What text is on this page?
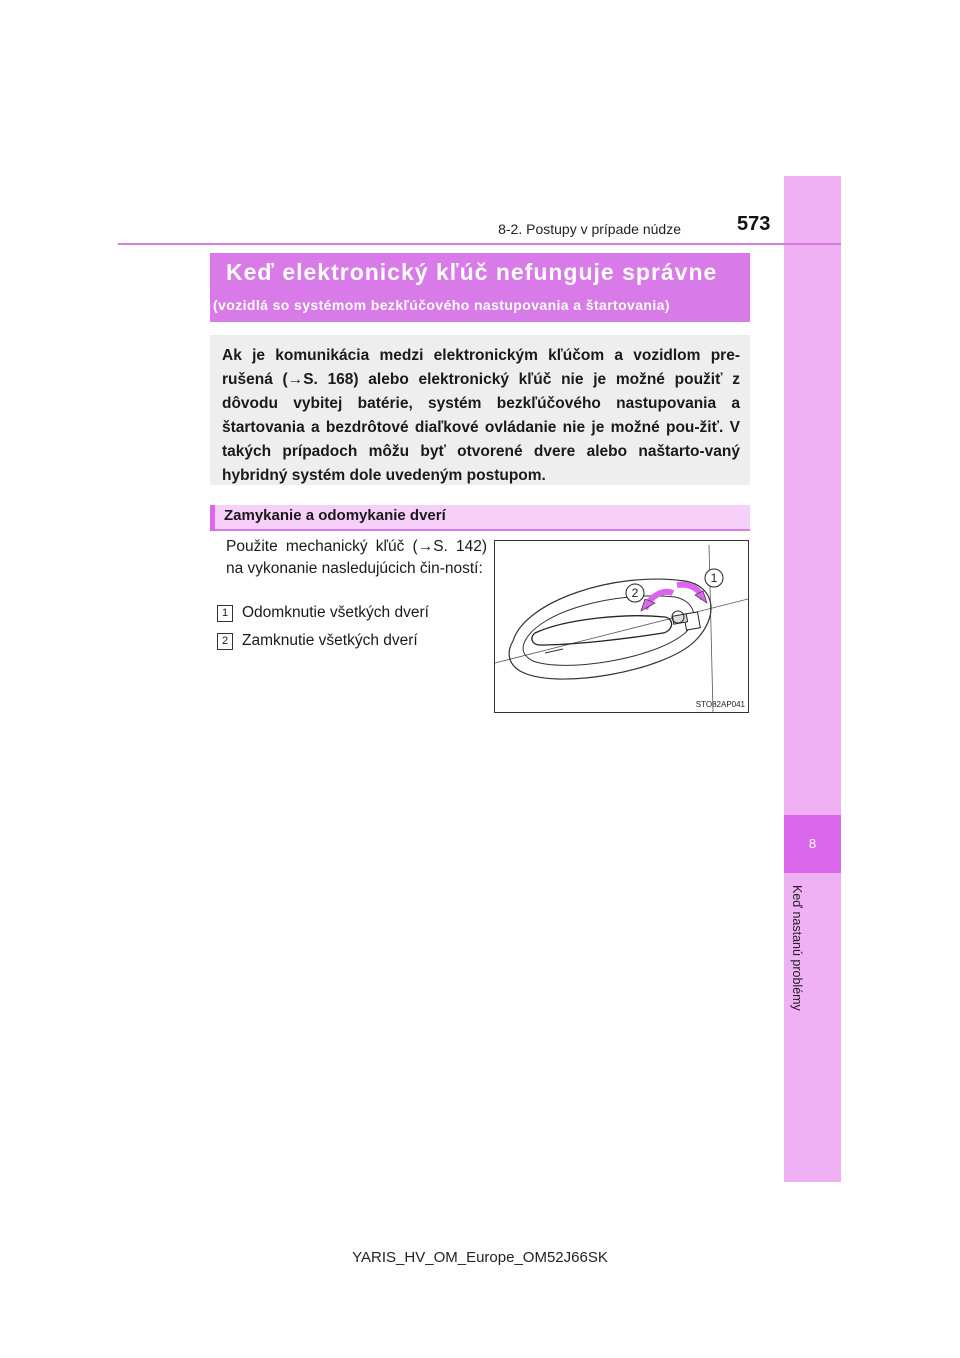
8
Keď nastanú problémy
8-2. Postupy v prípade núdze	573
Keď elektronický kľúč nefunguje správne
(vozidlá so systémom bezkľúčového nastupovania a štartovania)
Ak je komunikácia medzi elektronickým kľúčom a vozidlom pre-rušená (→S. 168) alebo elektronický kľúč nie je možné použiť z dôvodu vybitej batérie, systém bezkľúčového nastupovania a štartovania a bezdrôtové diaľkové ovládanie nie je možné pou-žiť. V takých prípadoch môžu byť otvorené dvere alebo naštarto-vaný hybridný systém dole uvedeným postupom.
Zamykanie a odomykanie dverí
Použite mechanický kľúč (→S. 142) na vykonanie nasledujúcich čin-ností:
1 Odomknutie všetkých dverí
2 Zamknutie všetkých dverí
1
2
STO82AP041
YARIS_HV_OM_Europe_OM52J66SK
